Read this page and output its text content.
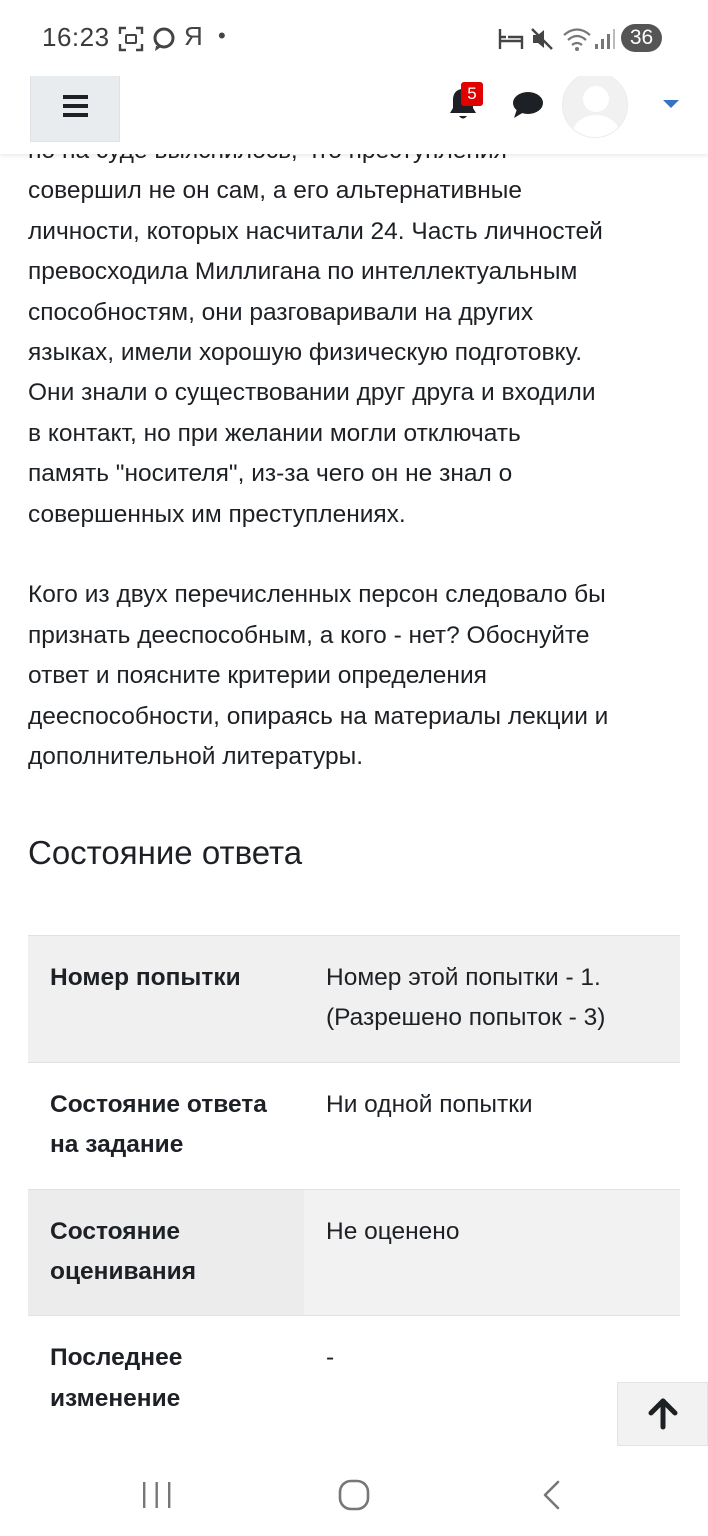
16:23	Я •	36

совершил не он сам, а его альтернативные

личности, которых насчитали 24. Часть личностей

превосходила Миллигана по интеллектуальным

способностям, они разговаривали на других

языках, имели хорошую физическую подготовку.

Они знали о существовании друг друга и входили

в контакт, но при желании могли отключать

память "носителя", из-за чего он не знал о

совершенных им преступлениях.

Кого из двух перечисленных персон следовало бы

признать дееспособным, а кого - нет? Обоснуйте

ответ и поясните критерии определения

дееспособности, опираясь на материалы лекции и

дополнительной литературы.

5
Состояние ответа
Номер попытки	Номер этой попытки - 1.
(Разрешено попыток - 3)

Состояние ответа
на задание	Ни одной попытки

Состояние
оценивания	Не оценено

Последнее
изменение	-
